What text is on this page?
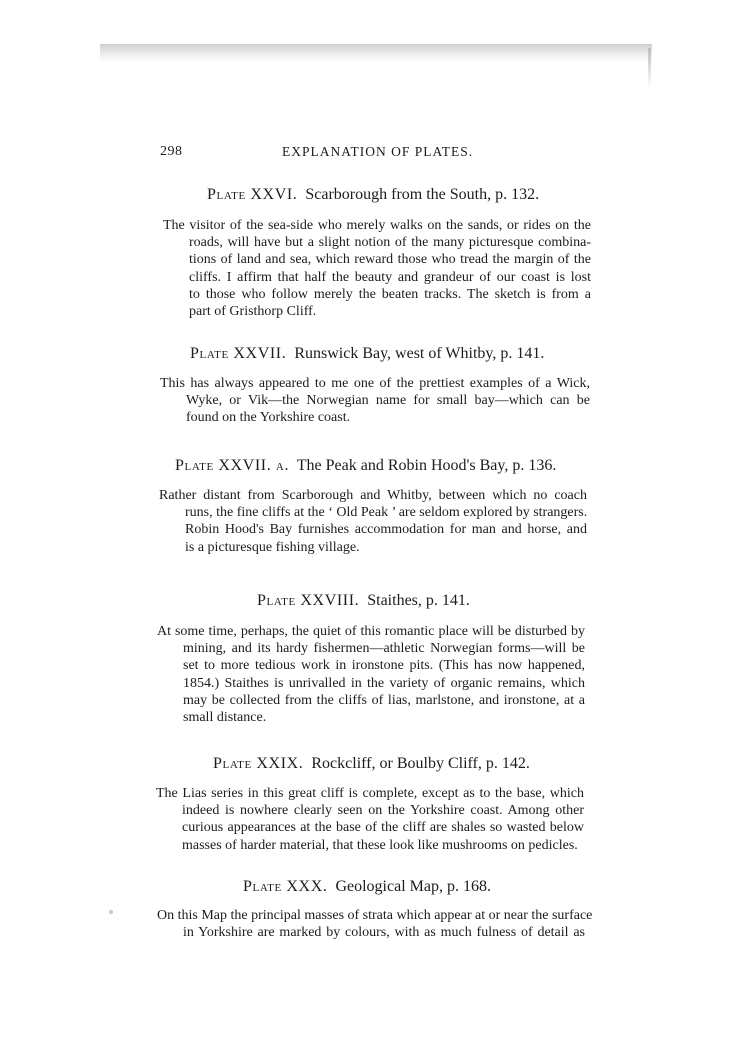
298	EXPLANATION OF PLATES.
Plate XXVI. Scarborough from the South, p. 132.
The visitor of the sea-side who merely walks on the sands, or rides on the
roads, will have but a slight notion of the many picturesque combina-
tions of land and sea, which reward those who tread the margin of the
cliffs. I affirm that half the beauty and grandeur of our coast is lost
to those who follow merely the beaten tracks. The sketch is from a
part of Gristhorp Cliff.
Plate XXVII. Runswick Bay, west of Whitby, p. 141.
This has always appeared to me one of the prettiest examples of a Wick,
Wyke, or Vik—the Norwegian name for small bay—which can be
found on the Yorkshire coast.
Plate XXVII. a. The Peak and Robin Hood's Bay, p. 136.
Rather distant from Scarborough and Whitby, between which no coach
runs, the fine cliffs at the ‘ Old Peak ’ are seldom explored by strangers.
Robin Hood's Bay furnishes accommodation for man and horse, and
is a picturesque fishing village.
Plate XXVIII. Staithes, p. 141.
At some time, perhaps, the quiet of this romantic place will be disturbed by
mining, and its hardy fishermen—athletic Norwegian forms—will be
set to more tedious work in ironstone pits. (This has now happened,
1854.) Staithes is unrivalled in the variety of organic remains, which
may be collected from the cliffs of lias, marlstone, and ironstone, at a
small distance.
Plate XXIX. Rockcliff, or Boulby Cliff, p. 142.
The Lias series in this great cliff is complete, except as to the base, which
indeed is nowhere clearly seen on the Yorkshire coast. Among other
curious appearances at the base of the cliff are shales so wasted below
masses of harder material, that these look like mushrooms on pedicles.
Plate XXX. Geological Map, p. 168.
On this Map the principal masses of strata which appear at or near the surface
in Yorkshire are marked by colours, with as much fulness of detail as
